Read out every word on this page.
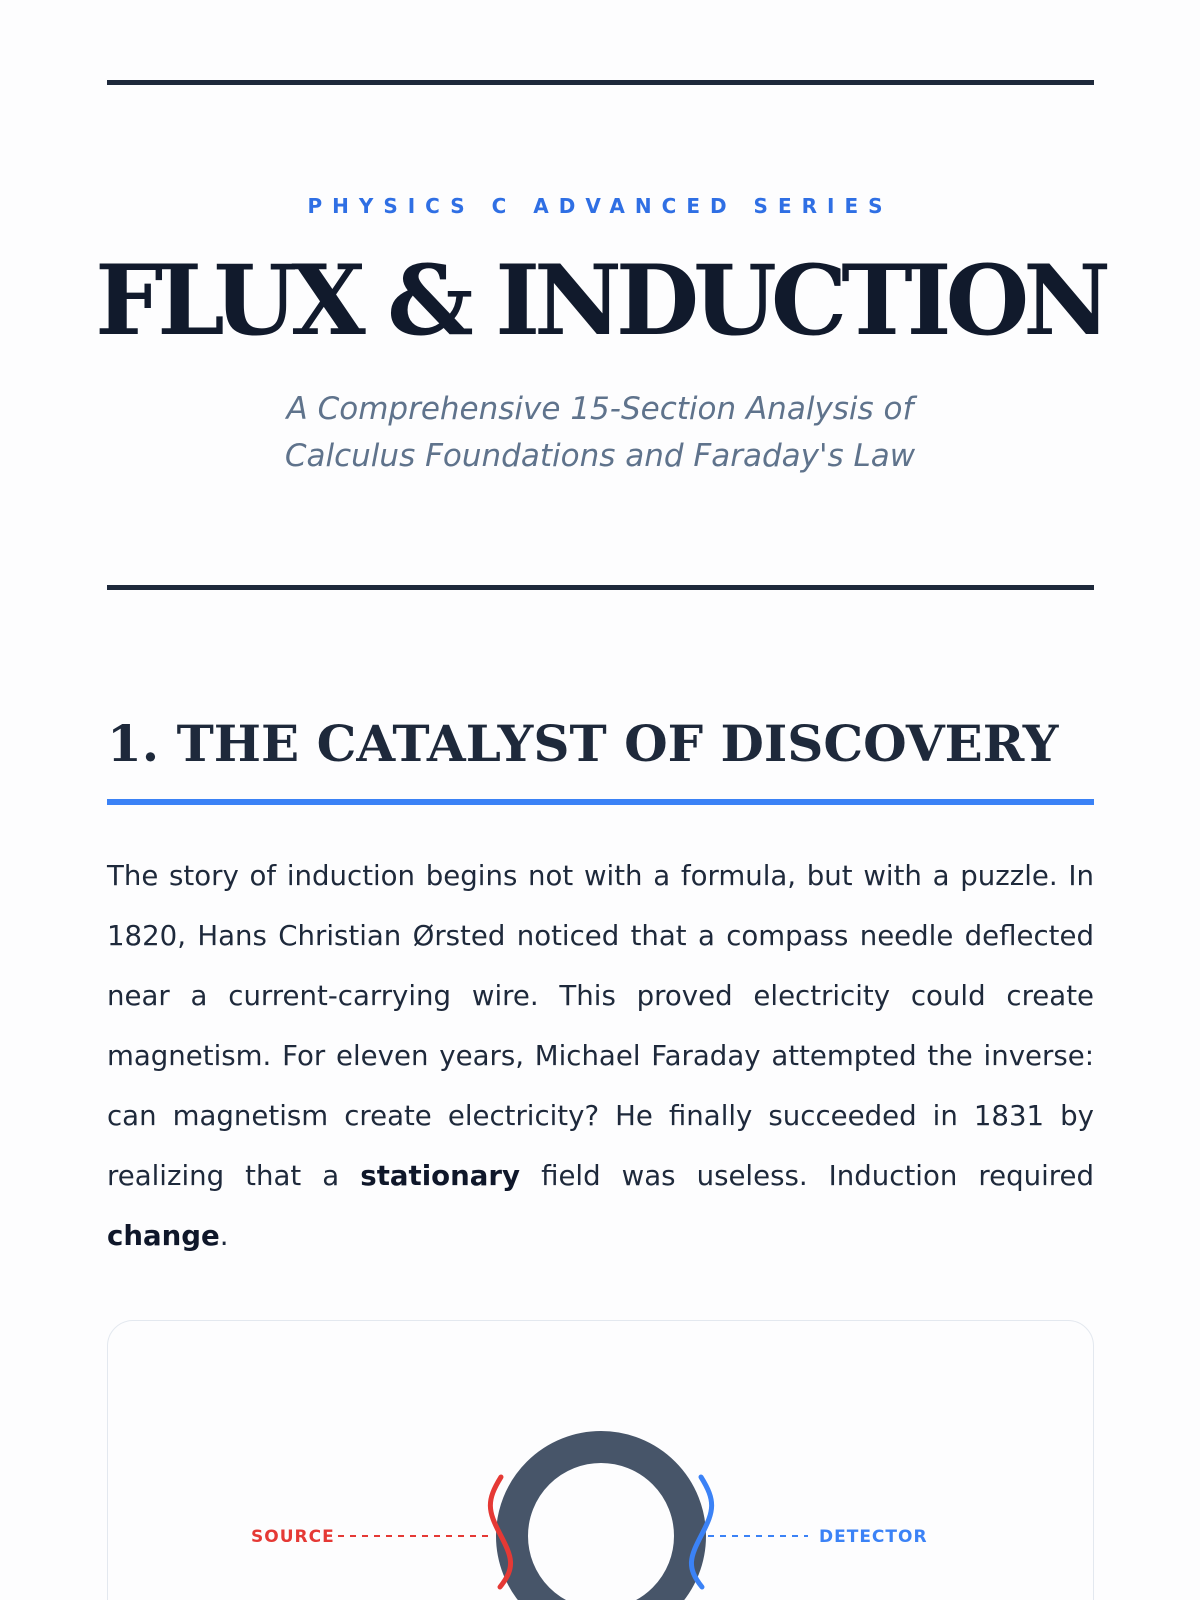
PHYSICS C ADVANCED SERIES
FLUX & INDUCTION
A Comprehensive 15-Section Analysis of Calculus Foundations and Faraday's Law
1. THE CATALYST OF DISCOVERY

The story of induction begins not with a formula, but with a puzzle. In 1820, Hans Christian Ørsted noticed that a compass needle deflected near a current-carrying wire. This proved electricity could create magnetism. For eleven years, Michael Faraday attempted the inverse: can magnetism create electricity? He finally succeeded in 1831 by realizing that a stationary field was useless. Induction required change.

SOURCE	DETECTOR
